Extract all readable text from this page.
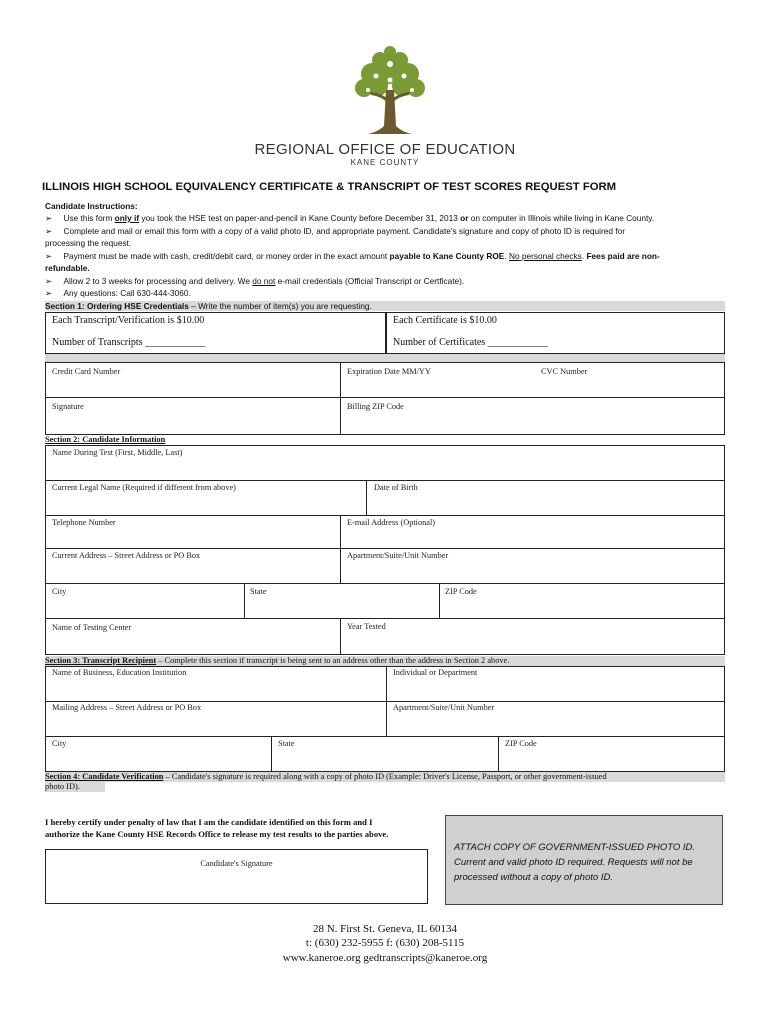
REGIONAL OFFICE OF EDUCATION
KANE COUNTY
ILLINOIS HIGH SCHOOL EQUIVALENCY CERTIFICATE & TRANSCRIPT OF TEST SCORES REQUEST FORM
Candidate Instructions:
➢ Use this form only if you took the HSE test on paper-and-pencil in Kane County before December 31, 2013 or on computer in Illinois while living in Kane County.
➢ Complete and mail or email this form with a copy of a valid photo ID, and appropriate payment. Candidate's signature and copy of photo ID is required for
processing the request.
➢ Payment must be made with cash, credit/debit card, or money order in the exact amount payable to Kane County ROE. No personal checks. Fees paid are non-
refundable.
➢ Allow 2 to 3 weeks for processing and delivery. We do not e-mail credentials (Official Transcript or Certficate).
➢ Any questions: Call 630-444-3060.
Section 1: Ordering HSE Credentials – Write the number of item(s) you are requesting.
Each Transcript/Verification is $10.00
Number of Transcripts ____________
Each Certificate is $10.00
Number of Certificates ____________
Credit Card Number	Expiration Date MM/YY	CVC Number
Signature	Billing ZIP Code
Section 2: Candidate Information
Name During Test (First, Middle, Last)
Current Legal Name (Required if different from above)	Date of Birth
Telephone Number	E-mail Address (Optional)
Current Address – Street Address or PO Box	Apartment/Suite/Unit Number
City	State	ZIP Code
Name of Testing Center	Year Tested
Section 3: Transcript Recipient – Complete this section if transcript is being sent to an address other than the address in Section 2 above.
Name of Business, Education Institution	Individual or Department
Mailing Address – Street Address or PO Box	Apartment/Suite/Unit Number
City	State	ZIP Code
Section 4: Candidate Verification – Candidate's signature is required along with a copy of photo ID (Example: Driver's License, Passport, or other government-issued
photo ID).
I hereby certify under penalty of law that I am the candidate identified on this form and I
authorize the Kane County HSE Records Office to release my test results to the parties above.
Candidate's Signature
ATTACH COPY OF GOVERNMENT-ISSUED PHOTO ID.
Current and valid photo ID required. Requests will not be
processed without a copy of photo ID.
28 N. First St. Geneva, IL 60134
t: (630) 232-5955 f: (630) 208-5115
www.kaneroe.org gedtranscripts@kaneroe.org
